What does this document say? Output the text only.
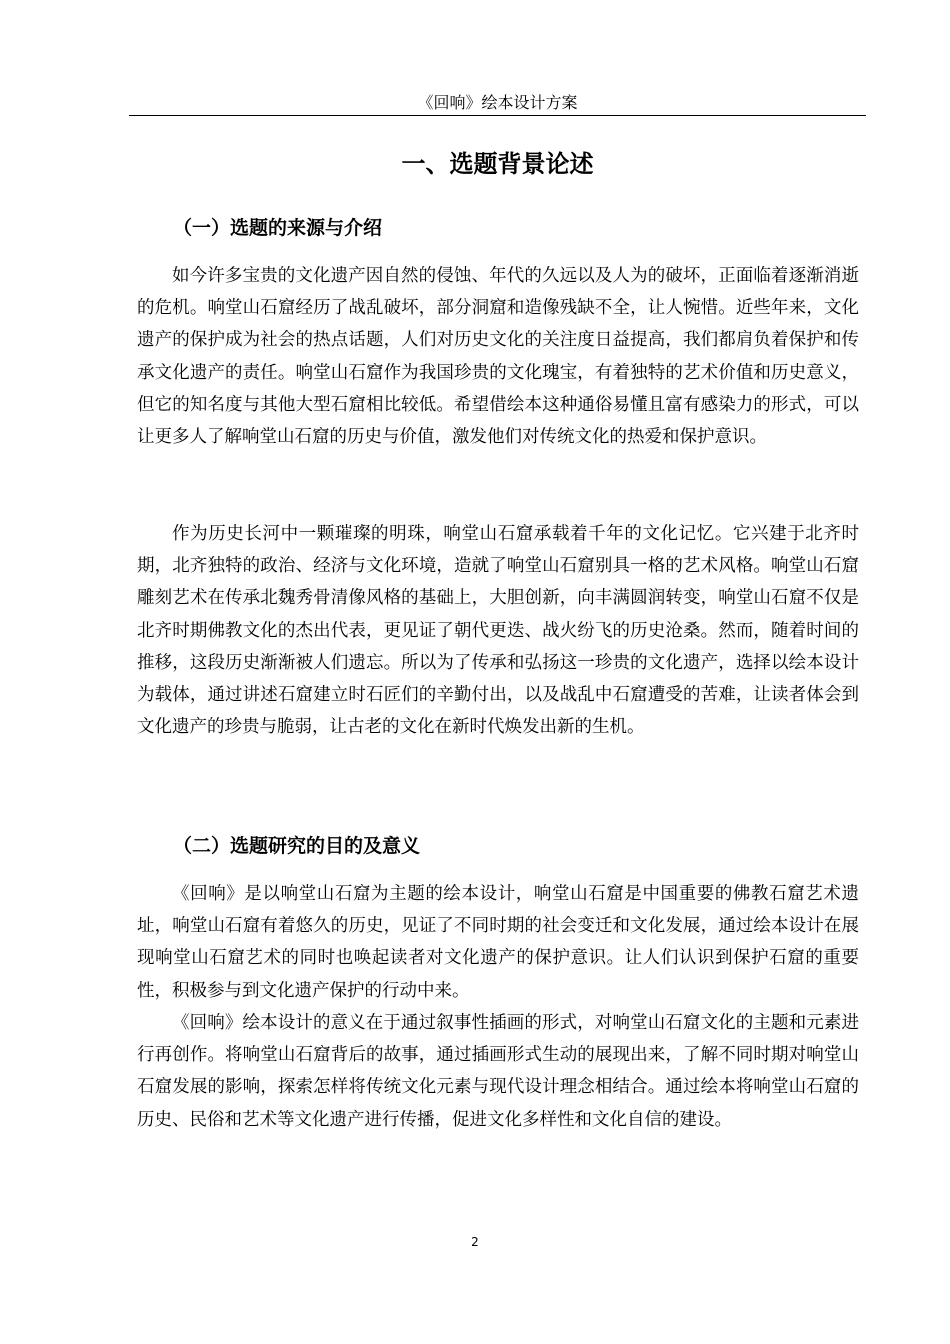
《回响》绘本设计方案
一、选题背景论述
（一）选题的来源与介绍

如今许多宝贵的文化遗产因自然的侵蚀、年代的久远以及人为的破坏，正面临着逐渐消逝的危机。响堂山石窟经历了战乱破坏，部分洞窟和造像残缺不全，让人惋惜。近些年来，文化遗产的保护成为社会的热点话题，人们对历史文化的关注度日益提高，我们都肩负着保护和传承文化遗产的责任。响堂山石窟作为我国珍贵的文化瑰宝，有着独特的艺术价值和历史意义，但它的知名度与其他大型石窟相比较低。希望借绘本这种通俗易懂且富有感染力的形式，可以让更多人了解响堂山石窟的历史与价值，激发他们对传统文化的热爱和保护意识。

作为历史长河中一颗璀璨的明珠，响堂山石窟承载着千年的文化记忆。它兴建于北齐时期，北齐独特的政治、经济与文化环境，造就了响堂山石窟别具一格的艺术风格。响堂山石窟雕刻艺术在传承北魏秀骨清像风格的基础上，大胆创新，向丰满圆润转变，响堂山石窟不仅是北齐时期佛教文化的杰出代表，更见证了朝代更迭、战火纷飞的历史沧桑。然而，随着时间的推移，这段历史渐渐被人们遗忘。所以为了传承和弘扬这一珍贵的文化遗产，选择以绘本设计为载体，通过讲述石窟建立时石匠们的辛勤付出，以及战乱中石窟遭受的苦难，让读者体会到文化遗产的珍贵与脆弱，让古老的文化在新时代焕发出新的生机。

（二）选题研究的目的及意义

《回响》是以响堂山石窟为主题的绘本设计，响堂山石窟是中国重要的佛教石窟艺术遗址，响堂山石窟有着悠久的历史，见证了不同时期的社会变迁和文化发展，通过绘本设计在展现响堂山石窟艺术的同时也唤起读者对文化遗产的保护意识。让人们认识到保护石窟的重要性，积极参与到文化遗产保护的行动中来。

《回响》绘本设计的意义在于通过叙事性插画的形式，对响堂山石窟文化的主题和元素进行再创作。将响堂山石窟背后的故事，通过插画形式生动的展现出来，了解不同时期对响堂山石窟发展的影响，探索怎样将传统文化元素与现代设计理念相结合。通过绘本将响堂山石窟的历史、民俗和艺术等文化遗产进行传播，促进文化多样性和文化自信的建设。

2
